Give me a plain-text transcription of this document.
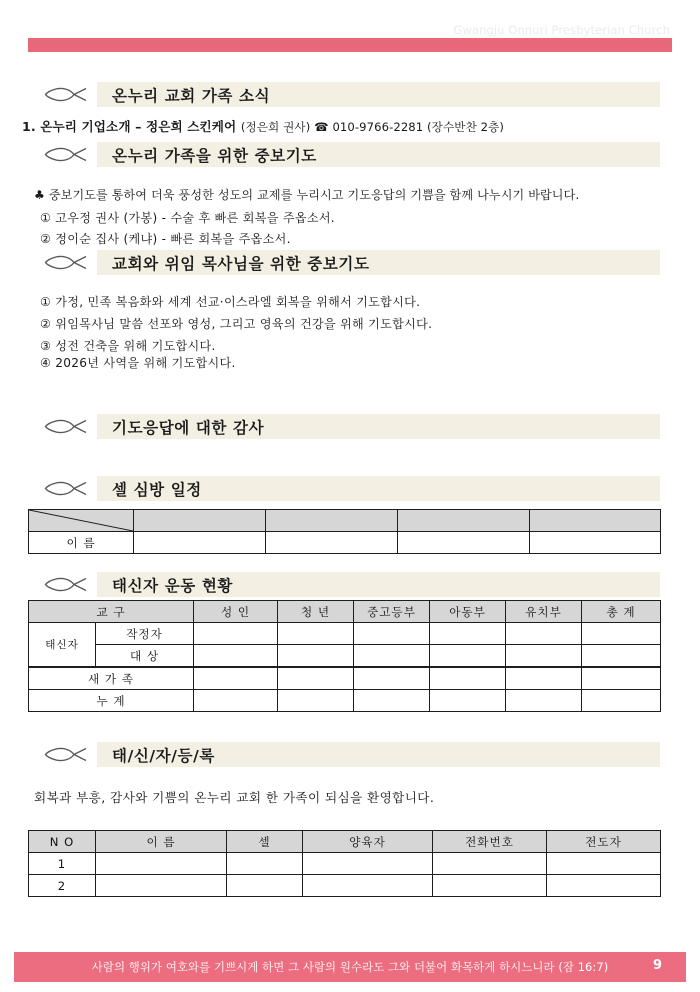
Gwangju Onnuri Presbyterian Church
온누리 교회 가족 소식
1. 온누리 기업소개 – 정은희 스킨케어 (정은희 권사) ☎ 010-9766-2281 (장수반찬 2층)
온누리 가족을 위한 중보기도
♣ 중보기도를 통하여 더욱 풍성한 성도의 교제를 누리시고 기도응답의 기쁨을 함께 나누시기 바랍니다.
① 고우정 권사 (가봉) - 수술 후 빠른 회복을 주옵소서.
② 정이순 집사 (케냐) - 빠른 회복을 주옵소서.
교회와 위임 목사님을 위한 중보기도
① 가정, 민족 복음화와 세계 선교·이스라엘 회복을 위해서 기도합시다.
② 위임목사님 말씀 선포와 영성, 그리고 영육의 건강을 위해 기도합시다.
③ 성전 건축을 위해 기도합시다.
④ 2026년 사역을 위해 기도합시다.
기도응답에 대한 감사
셀 심방 일정

이 름				
태신자 운동 현황
교 구		성 인	청 년	중고등부	아동부	유치부	총 계
태신자	작정자						
	대 상						
새 가 족							
누 계							
태/신/자/등/록
회복과 부흥, 감사와 기쁨의 온누리 교회 한 가족이 되심을 환영합니다.
N O	이 름	셀	양육자	전화번호	전도자
1					
2					
사람의 행위가 여호와를 기쁘시게 하면 그 사람의 원수라도 그와 더불어 화목하게 하시느니라 (잠 16:7)	9
